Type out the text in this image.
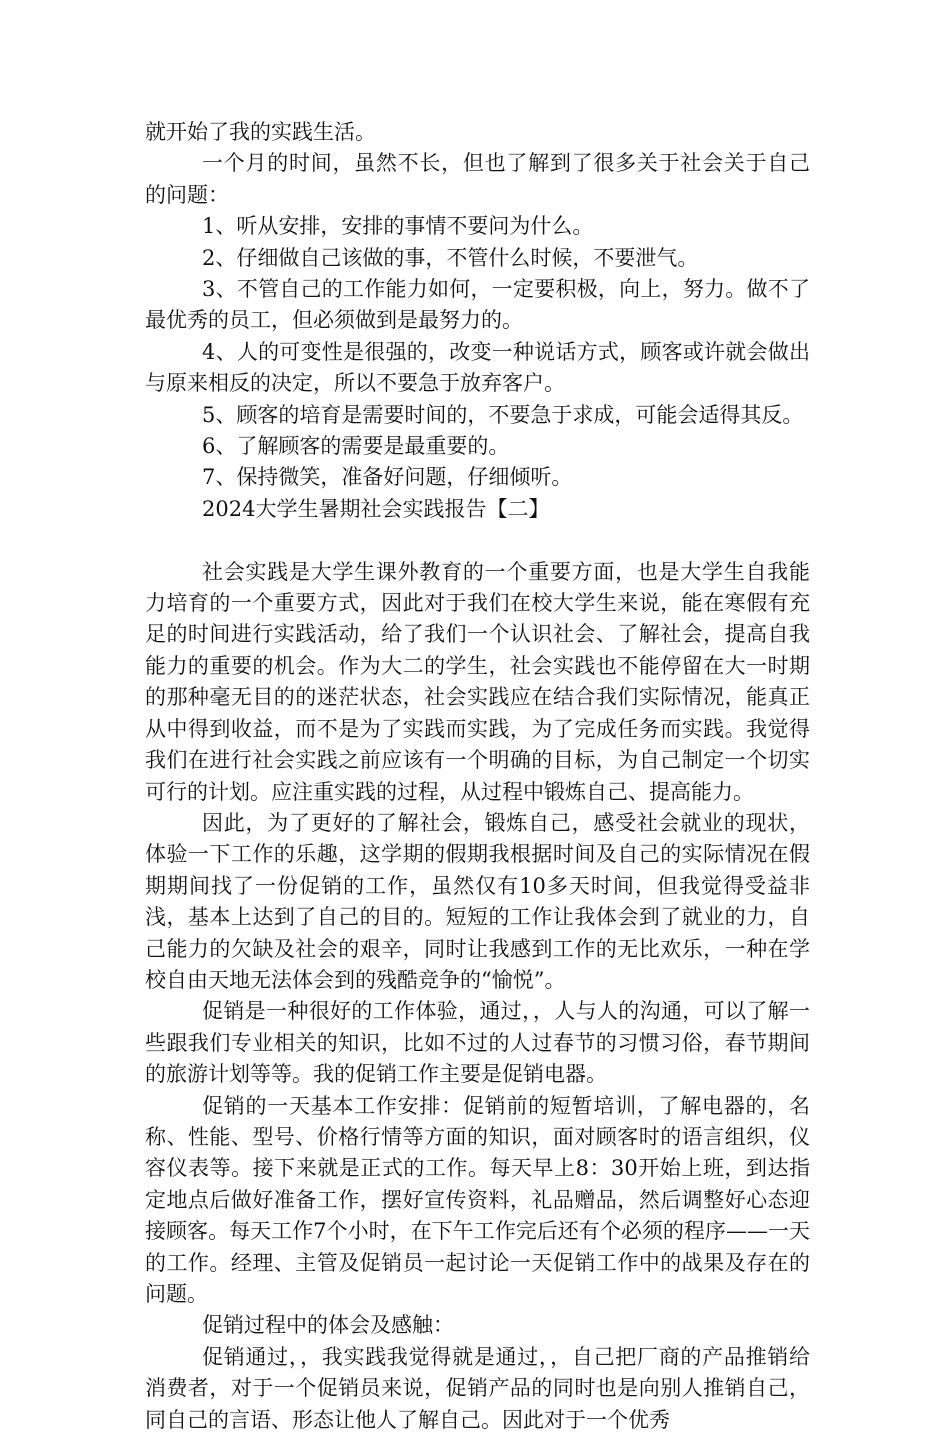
就开始了我的实践生活。

一个月的时间，虽然不长，但也了解到了很多关于社会关于自己的问题：

1、听从安排，安排的事情不要问为什么。

2、仔细做自己该做的事，不管什么时候，不要泄气。

3、不管自己的工作能力如何，一定要积极，向上，努力。做不了最优秀的员工，但必须做到是最努力的。

4、人的可变性是很强的，改变一种说话方式，顾客或许就会做出与原来相反的决定，所以不要急于放弃客户。

5、顾客的培育是需要时间的，不要急于求成，可能会适得其反。

6、了解顾客的需要是最重要的。

7、保持微笑，准备好问题，仔细倾听。

2024大学生暑期社会实践报告【二】

社会实践是大学生课外教育的一个重要方面，也是大学生自我能力培育的一个重要方式，因此对于我们在校大学生来说，能在寒假有充足的时间进行实践活动，给了我们一个认识社会、了解社会，提高自我能力的重要的机会。作为大二的学生，社会实践也不能停留在大一时期的那种毫无目的的迷茫状态，社会实践应在结合我们实际情况，能真正从中得到收益，而不是为了实践而实践，为了完成任务而实践。我觉得我们在进行社会实践之前应该有一个明确的目标，为自己制定一个切实可行的计划。应注重实践的过程，从过程中锻炼自己、提高能力。

因此，为了更好的了解社会，锻炼自己，感受社会就业的现状，体验一下工作的乐趣，这学期的假期我根据时间及自己的实际情况在假期期间找了一份促销的工作，虽然仅有10多天时间，但我觉得受益非浅，基本上达到了自己的目的。短短的工作让我体会到了就业的力，自己能力的欠缺及社会的艰辛，同时让我感到工作的无比欢乐，一种在学校自由天地无法体会到的残酷竞争的“愉悦”。

促销是一种很好的工作体验，通过，，人与人的沟通，可以了解一些跟我们专业相关的知识，比如不过的人过春节的习惯习俗，春节期间的旅游计划等等。我的促销工作主要是促销电器。

促销的一天基本工作安排：促销前的短暂培训，了解电器的，名称、性能、型号、价格行情等方面的知识，面对顾客时的语言组织，仪容仪表等。接下来就是正式的工作。每天早上8：30开始上班，到达指定地点后做好准备工作，摆好宣传资料，礼品赠品，然后调整好心态迎接顾客。每天工作7个小时，在下午工作完后还有个必须的程序——一天的工作。经理、主管及促销员一起讨论一天促销工作中的战果及存在的问题。

促销过程中的体会及感触：

促销通过，，我实践我觉得就是通过，，自己把厂商的产品推销给消费者，对于一个促销员来说，促销产品的同时也是向别人推销自己，同自己的言语、形态让他人了解自己。因此对于一个优秀
